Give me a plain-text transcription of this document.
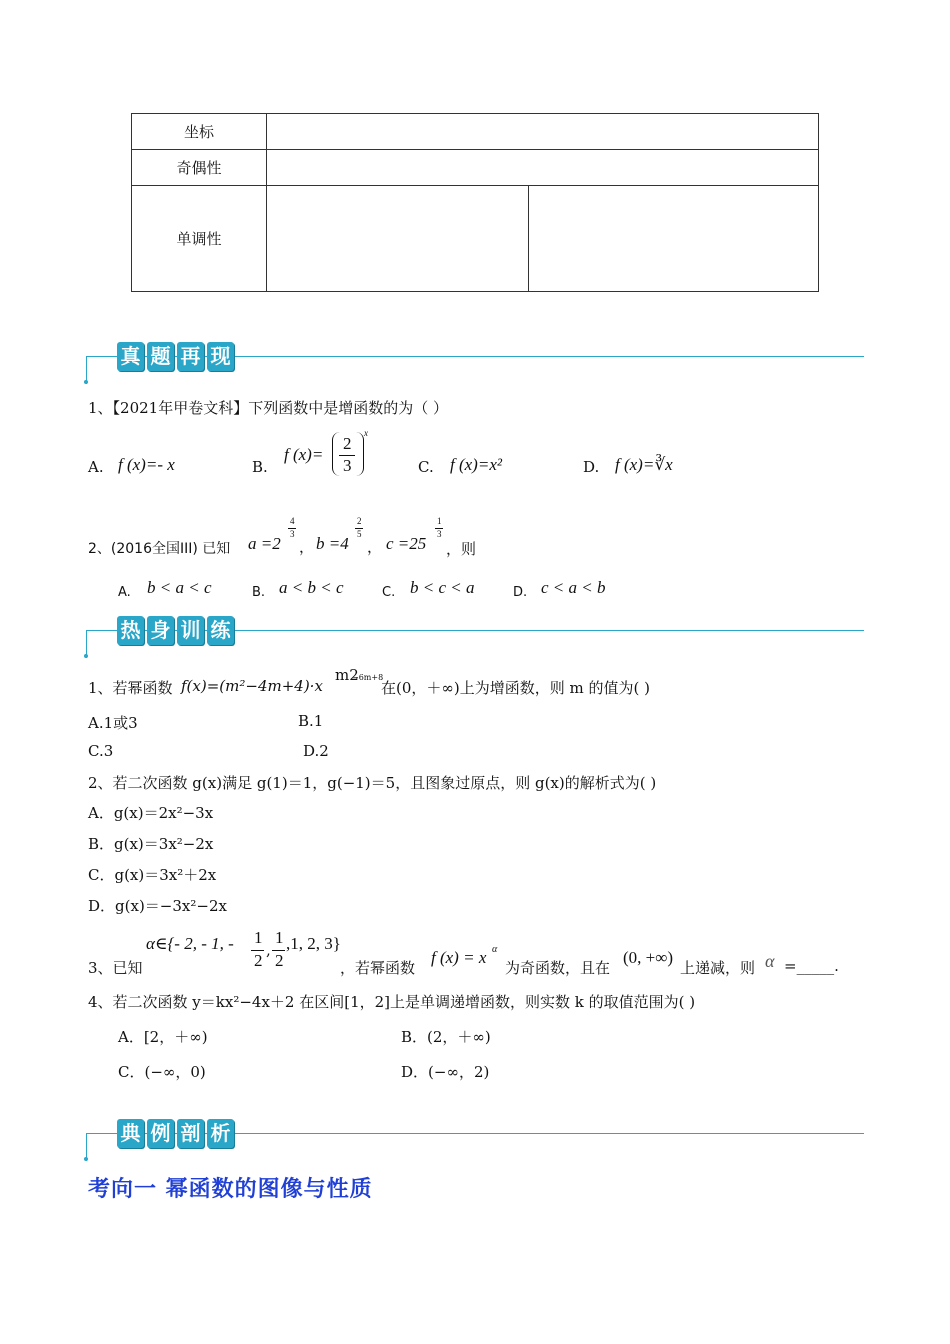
坐标		
奇偶性		
单调性		
真 题 再 现
1、【2021年甲卷文科】下列函数中是增函数的为（ ）
A. f (x)=- x	B.
f (x)=
2
3
x
C. f (x)=x²	D. f (x)=∛x
2、(2016全国III) 已知 a =2
4
3
， b =4
2
5
， c =25
1
3
，则
A. b < a < c	B. a < b < c	C. b < c < a	D. c < a < b
热 身 训 练
1、若幂函数 f(x)=(m²−4m+4)·x
m2
−6m+8
在(0，＋∞)上为增函数，则 m 的值为( )
A.1或3	B.1
C.3	D.2
2、若二次函数 g(x)满足 g(1)＝1，g(−1)＝5，且图象过原点，则 g(x)的解析式为( )
A．g(x)＝2x²−3x
B．g(x)＝3x²−2x
C．g(x)＝3x²＋2x
D．g(x)＝−3x²−2x
3、已知
α∈{- 2, - 1, - 1
2
,
1
2
,1, 2, 3}
，若幂函数
f (x) = x α
为奇函数，且在
(0, +∞)
上递减，则 α =_____.
4、若二次函数 y＝kx²−4x＋2 在区间[1，2]上是单调递增函数，则实数 k 的取值范围为( )
A．[2，＋∞)	B．(2，＋∞)
C．(−∞，0)	D．(−∞，2)
典 例 剖 析
考向一 幂函数的图像与性质
